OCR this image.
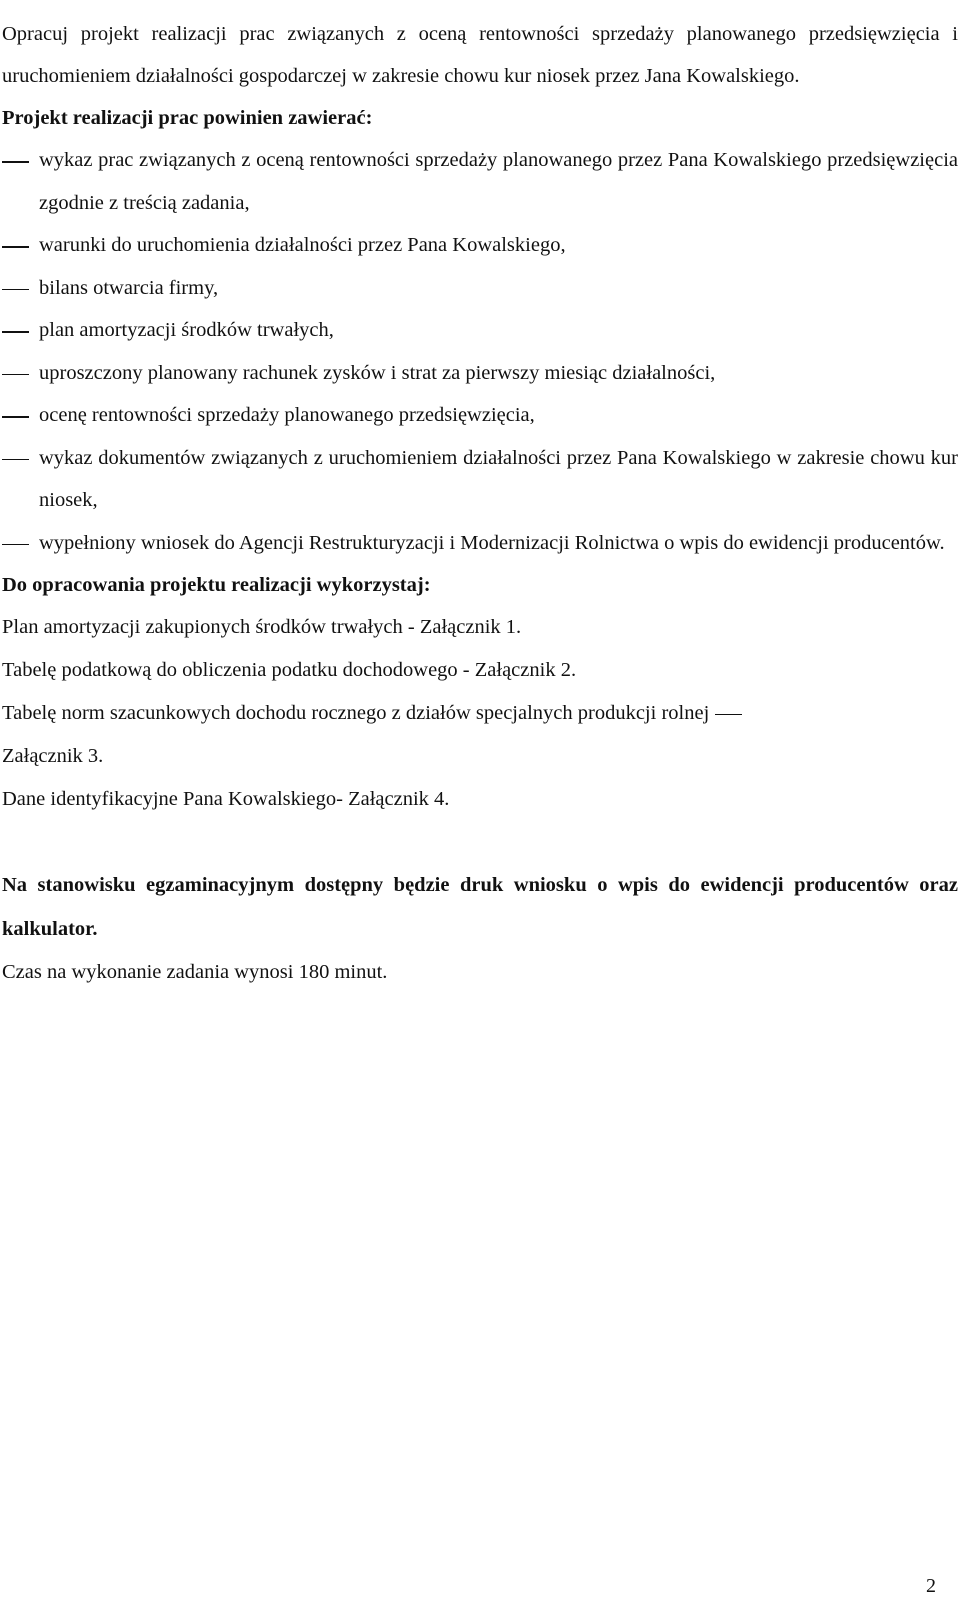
Opracuj projekt realizacji prac związanych z oceną rentowności sprzedaży planowanego przedsięwzięcia i uruchomieniem działalności gospodarczej w zakresie chowu kur niosek przez Jana Kowalskiego.

Projekt realizacji prac powinien zawierać:

wykaz prac związanych z oceną rentowności sprzedaży planowanego przez Pana Kowalskiego przedsięwzięcia zgodnie z treścią zadania,
warunki do uruchomienia działalności przez Pana Kowalskiego,
bilans otwarcia firmy,
plan amortyzacji środków trwałych,
uproszczony planowany rachunek zysków i strat za pierwszy miesiąc działalności,
ocenę rentowności sprzedaży planowanego przedsięwzięcia,
wykaz dokumentów związanych z uruchomieniem działalności przez Pana Kowalskiego w zakresie chowu kur niosek,
wypełniony wniosek do Agencji Restrukturyzacji i Modernizacji Rolnictwa o wpis do ewidencji producentów.

Do opracowania projektu realizacji wykorzystaj:

Plan amortyzacji zakupionych środków trwałych - Załącznik 1.

Tabelę podatkową do obliczenia podatku dochodowego - Załącznik 2.

Tabelę norm szacunkowych dochodu rocznego z działów specjalnych produkcji rolnej

Załącznik 3.

Dane identyfikacyjne Pana Kowalskiego- Załącznik 4.

Na stanowisku egzaminacyjnym dostępny będzie druk wniosku o wpis do ewidencji producentów oraz kalkulator.

Czas na wykonanie zadania wynosi 180 minut.

2
